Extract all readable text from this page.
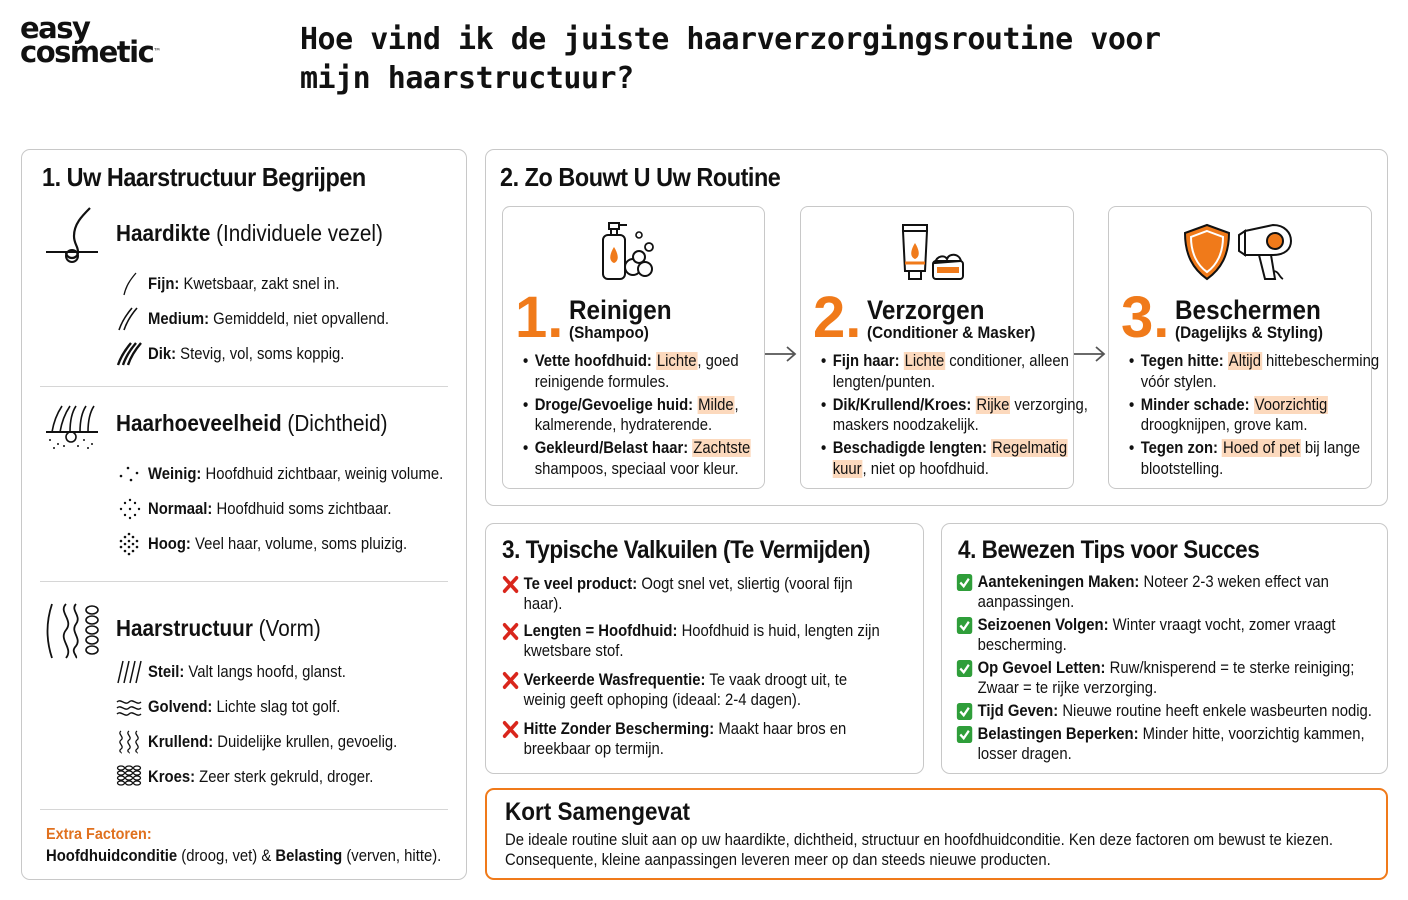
easy
cosmetic™	Hoe vind ik de juiste haarverzorgingsroutine voor mijn haarstructuur?
1. Uw Haarstructuur Begrijpen
Haardikte (Individuele vezel)
Fijn: Kwetsbaar, zakt snel in.
Medium: Gemiddeld, niet opvallend.
Dik: Stevig, vol, soms koppig.
Haarhoeveelheid (Dichtheid)
Weinig: Hoofdhuid zichtbaar, weinig volume.
Normaal: Hoofdhuid soms zichtbaar.
Hoog: Veel haar, volume, soms pluizig.
Haarstructuur (Vorm)
Steil: Valt langs hoofd, glanst.
Golvend: Lichte slag tot golf.
Krullend: Duidelijke krullen, gevoelig.
Kroes: Zeer sterk gekruld, droger.
Extra Factoren:
Hoofdhuidconditie (droog, vet) & Belasting (verven, hitte).
2. Zo Bouwt U Uw Routine
1. Reinigen
(Shampoo)
• Vette hoofdhuid: Lichte, goed reinigende formules.
• Droge/Gevoelige huid: Milde, kalmerende, hydraterende.
• Gekleurd/Belast haar: Zachtste shampoos, speciaal voor kleur.
2. Verzorgen
(Conditioner & Masker)
• Fijn haar: Lichte conditioner, alleen lengten/punten.
• Dik/Krullend/Kroes: Rijke verzorging, maskers noodzakelijk.
• Beschadigde lengten: Regelmatig kuur, niet op hoofdhuid.
3. Beschermen
(Dagelijks & Styling)
• Tegen hitte: Altijd hittebescherming vóór stylen.
• Minder schade: Voorzichtig droogknijpen, grove kam.
• Tegen zon: Hoed of pet bij lange blootstelling.
3. Typische Valkuilen (Te Vermijden)
Te veel product: Oogt snel vet, sliertig (vooral fijn haar).
Lengten = Hoofdhuid: Hoofdhuid is huid, lengten zijn kwetsbare stof.
Verkeerde Wasfrequentie: Te vaak droogt uit, te weinig geeft ophoping (ideaal: 2-4 dagen).
Hitte Zonder Bescherming: Maakt haar bros en breekbaar op termijn.
4. Bewezen Tips voor Succes
Aantekeningen Maken: Noteer 2-3 weken effect van aanpassingen.
Seizoenen Volgen: Winter vraagt vocht, zomer vraagt bescherming.
Op Gevoel Letten: Ruw/knisperend = te sterke reiniging; Zwaar = te rijke verzorging.
Tijd Geven: Nieuwe routine heeft enkele wasbeurten nodig.
Belastingen Beperken: Minder hitte, voorzichtig kammen, losser dragen.
Kort Samengevat
De ideale routine sluit aan op uw haardikte, dichtheid, structuur en hoofdhuidconditie. Ken deze factoren om bewust te kiezen. Consequente, kleine aanpassingen leveren meer op dan steeds nieuwe producten.
